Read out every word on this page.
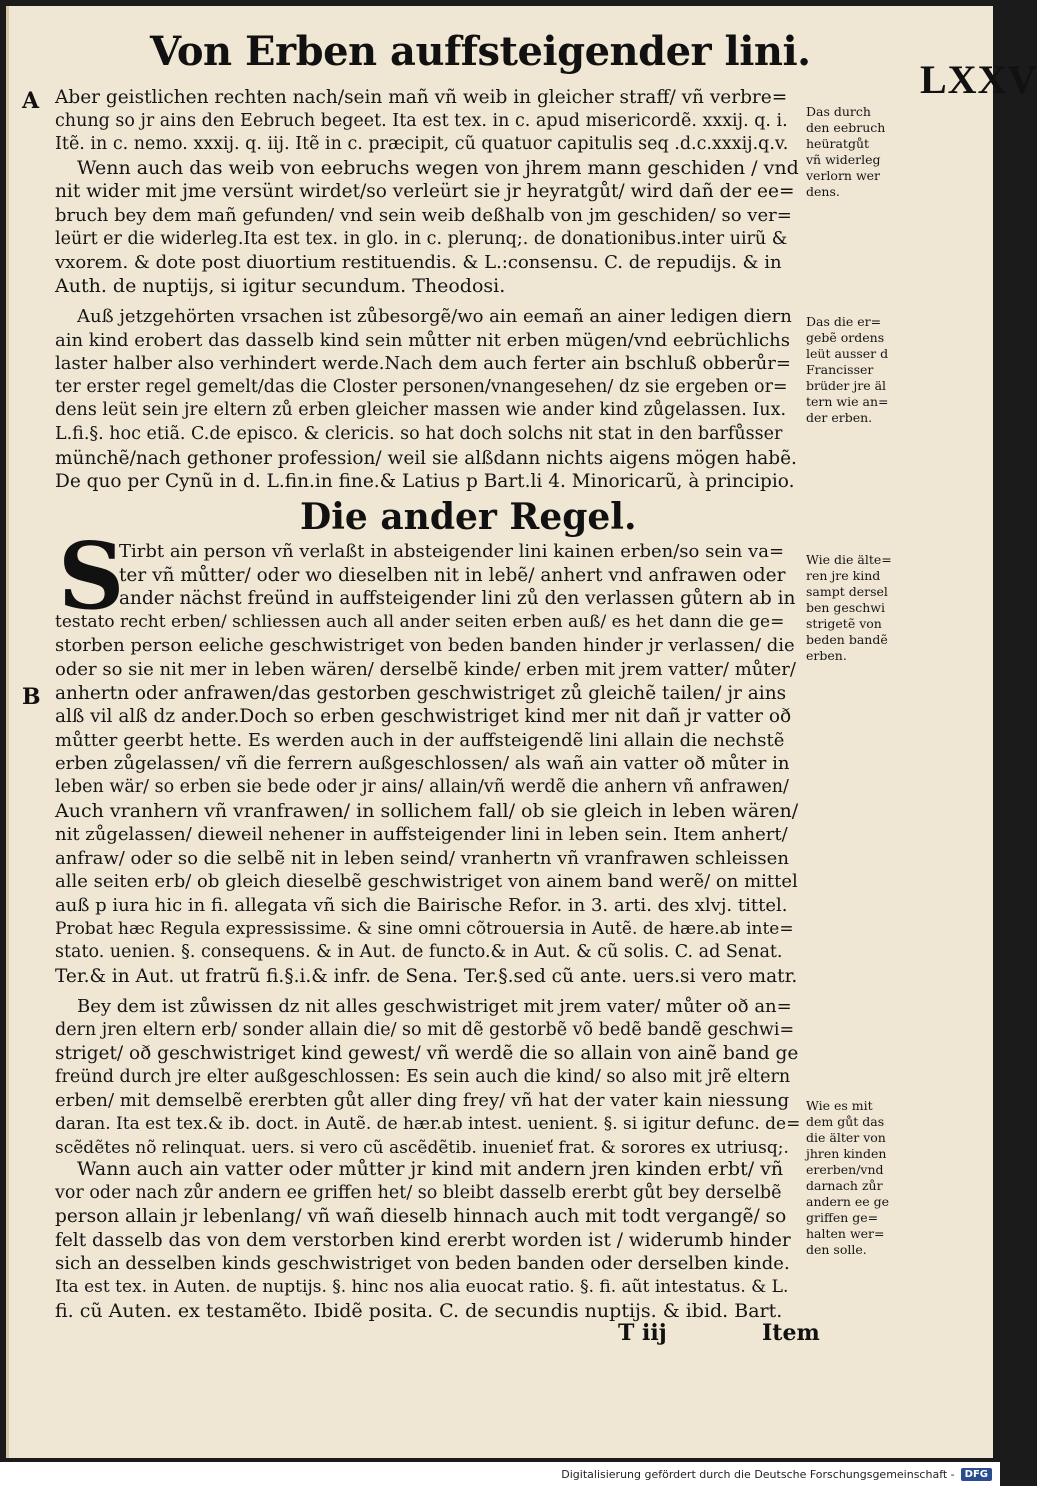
Von Erben auffsteigender lini.
LXXV
A
B
Aber geistlichen rechten nach/sein mañ vñ weib in gleicher straff/ vñ verbre=
chung so jr ains den Eebruch begeet. Ita est tex. in c. apud misericordẽ. xxxij. q. i.
Itẽ. in c. nemo. xxxij. q. iij. Itẽ in c. præcipit, cũ quatuor capitulis seq .d.c.xxxij.q.v.
Wenn auch das weib von eebruchs wegen von jhrem mann geschiden / vnd
nit wider mit jme versünt wirdet/so verleürt sie jr heyratgůt/ wird dañ der ee=
bruch bey dem mañ gefunden/ vnd sein weib deßhalb von jm geschiden/ so ver=
leürt er die widerleg.Ita est tex. in glo. in c. plerunq;. de donationibus.inter uirũ &
vxorem. & dote post diuortium restituendis. & L.:consensu. C. de repudijs. & in
Auth. de nuptijs, si igitur secundum. Theodosi.
Auß jetzgehörten vrsachen ist zůbesorgẽ/wo ain eemañ an ainer ledigen diern
ain kind erobert das dasselb kind sein můtter nit erben mügen/vnd eebrüchlichs
laster halber also verhindert werde.Nach dem auch ferter ain bschluß obberůr=
ter erster regel gemelt/das die Closter personen/vnangesehen/ dz sie ergeben or=
dens leüt sein jre eltern zů erben gleicher massen wie ander kind zůgelassen. Iux.
L.fi.§. hoc etiã. C.de episco. & clericis. so hat doch solchs nit stat in den barfůsser
münchẽ/nach gethoner profession/ weil sie alßdann nichts aigens mögen habẽ.
De quo per Cynũ in d. L.fin.in fine.& Latius p Bart.li 4. Minoricarũ, à principio.
Die ander Regel.
S
Tirbt ain person vñ verlaßt in absteigender lini kainen erben/so sein va=
ter vñ můtter/ oder wo dieselben nit in lebẽ/ anhert vnd anfrawen oder
ander nächst freünd in auffsteigender lini zů den verlassen gůtern ab in
testato recht erben/ schliessen auch all ander seiten erben auß/ es het dann die ge=
storben person eeliche geschwistriget von beden banden hinder jr verlassen/ die
oder so sie nit mer in leben wären/ derselbẽ kinde/ erben mit jrem vatter/ můter/
anhertn oder anfrawen/das gestorben geschwistriget zů gleichẽ tailen/ jr ains
alß vil alß dz ander.Doch so erben geschwistriget kind mer nit dañ jr vatter oð
můtter geerbt hette. Es werden auch in der auffsteigendẽ lini allain die nechstẽ
erben zůgelassen/ vñ die ferrern außgeschlossen/ als wañ ain vatter oð můter in
leben wär/ so erben sie bede oder jr ains/ allain/vñ werdẽ die anhern vñ anfrawen/
Auch vranhern vñ vranfrawen/ in sollichem fall/ ob sie gleich in leben wären/
nit zůgelassen/ dieweil nehener in auffsteigender lini in leben sein. Item anhert/
anfraw/ oder so die selbẽ nit in leben seind/ vranhertn vñ vranfrawen schleissen
alle seiten erb/ ob gleich dieselbẽ geschwistriget von ainem band werẽ/ on mittel
auß p iura hic in fi. allegata vñ sich die Bairische Refor. in 3. arti. des xlvj. tittel.
Probat hæc Regula expressissime. & sine omni cõtrouersia in Autẽ. de hære.ab inte=
stato. uenien. §. consequens. & in Aut. de functo.& in Aut. & cũ solis. C. ad Senat.
Ter.& in Aut. ut fratrũ fi.§.i.& infr. de Sena. Ter.§.sed cũ ante. uers.si vero matr.
Bey dem ist zůwissen dz nit alles geschwistriget mit jrem vater/ můter oð an=
dern jren eltern erb/ sonder allain die/ so mit dẽ gestorbẽ võ bedẽ bandẽ geschwi=
striget/ oð geschwistriget kind gewest/ vñ werdẽ die so allain von ainẽ band ge
freünd durch jre elter außgeschlossen: Es sein auch die kind/ so also mit jrẽ eltern
erben/ mit demselbẽ ererbten gůt aller ding frey/ vñ hat der vater kain niessung
daran. Ita est tex.& ib. doct. in Autẽ. de hær.ab intest. uenient. §. si igitur defunc. de=
scẽdẽtes nõ relinquat. uers. si vero cũ ascẽdẽtib. inuenieť frat. & sorores ex utriusq;.
Wann auch ain vatter oder můtter jr kind mit andern jren kinden erbt/ vñ
vor oder nach zůr andern ee griffen het/ so bleibt dasselb ererbt gůt bey derselbẽ
person allain jr lebenlang/ vñ wañ dieselb hinnach auch mit todt vergangẽ/ so
felt dasselb das von dem verstorben kind ererbt worden ist / widerumb hinder
sich an desselben kinds geschwistriget von beden banden oder derselben kinde.
Ita est tex. in Auten. de nuptijs. §. hinc nos alia euocat ratio. §. fi. aũt intestatus. & L.
fi. cũ Auten. ex testamẽto. Ibidẽ posita. C. de secundis nuptijs. & ibid. Bart.
T iij	Item
Das durch
den eebruch
heüratgůt
vñ widerleg
verlorn wer
dens.
Das die er=
gebẽ ordens
leüt ausser d
Francisser
brüder jre äl
tern wie an=
der erben.
Wie die älte=
ren jre kind
sampt dersel
ben geschwi
strigetẽ von
beden bandẽ
erben.
Wie es mit
dem gůt das
die älter von
jhren kinden
ererben/vnd
darnach zůr
andern ee ge
griffen ge=
halten wer=
den solle.
Digitalisierung gefördert durch die Deutsche Forschungsgemeinschaft -	DFG
